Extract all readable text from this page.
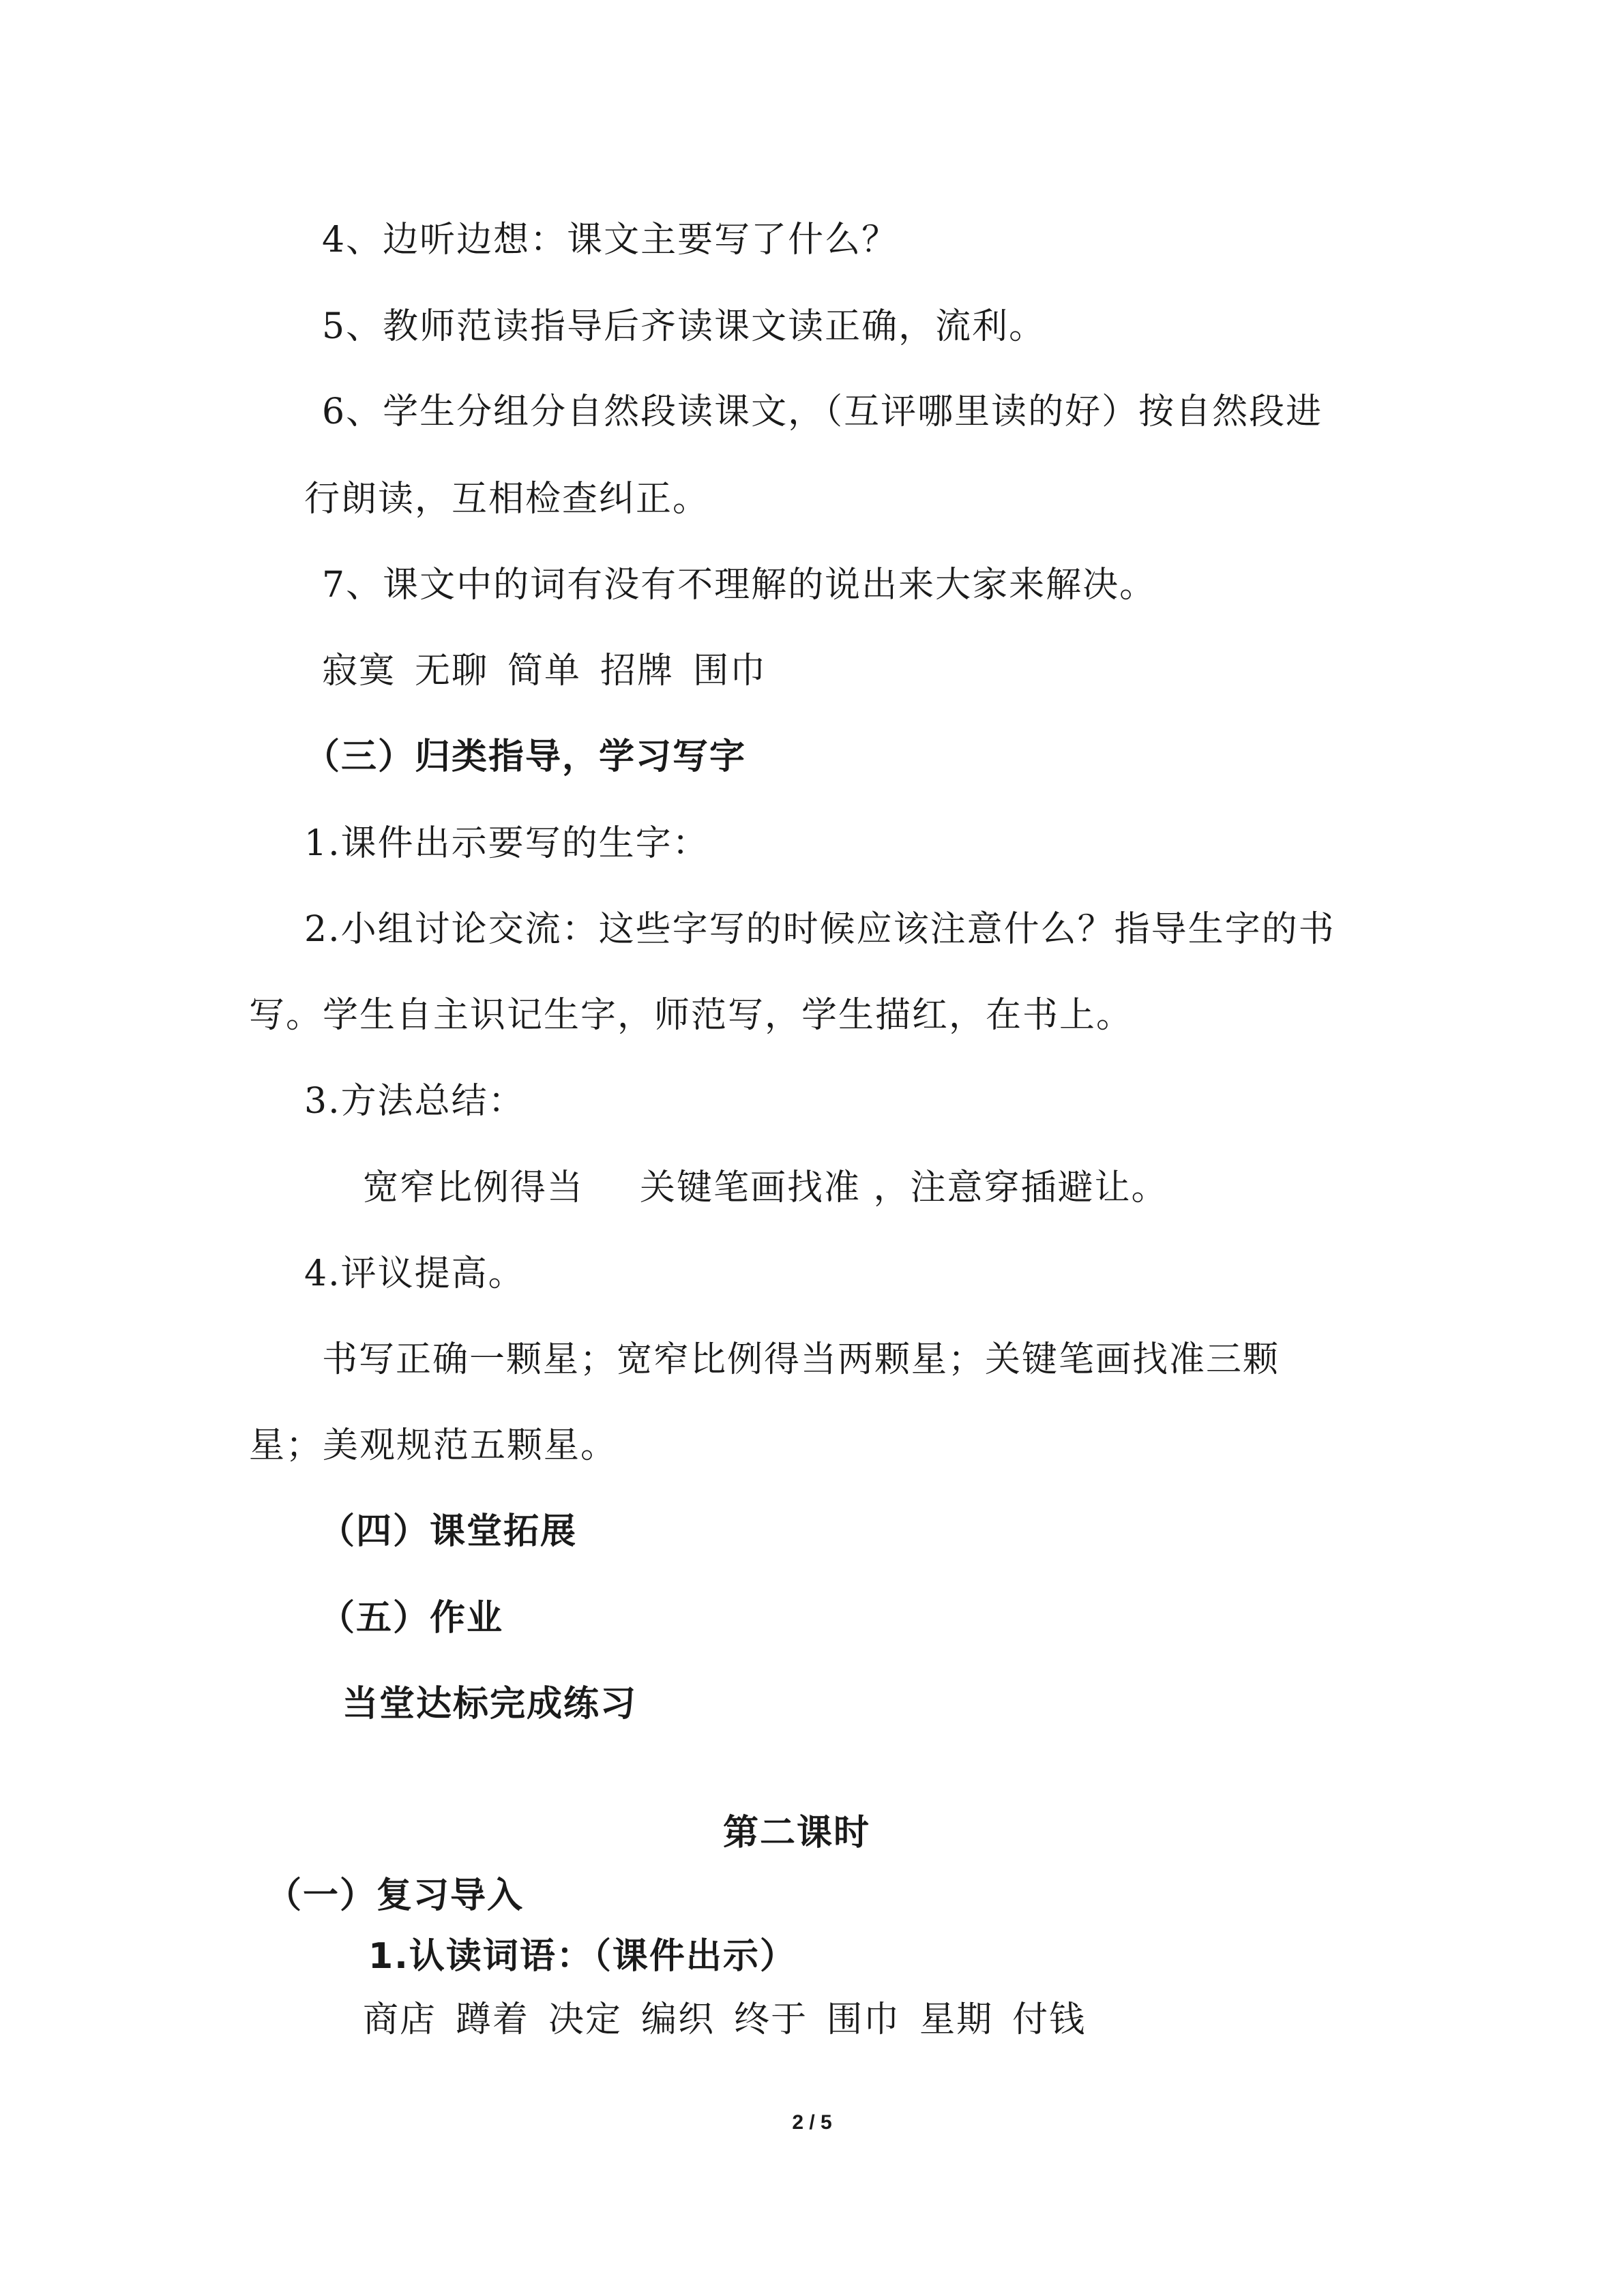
4、边听边想：课文主要写了什么？

5、教师范读指导后齐读课文读正确，流利。

6、学生分组分自然段读课文，（互评哪里读的好）按自然段进

行朗读，互相检查纠正。

7、课文中的词有没有不理解的说出来大家来解决。

寂寞 无聊 简单 招牌 围巾

（三）归类指导，学习写字

1.课件出示要写的生字：

2.小组讨论交流：这些字写的时候应该注意什么？指导生字的书

写。学生自主识记生字，师范写，学生描红，在书上。

3.方法总结：

宽窄比例得当 关键笔画找准 ，注意穿插避让。

4.评议提高。

书写正确一颗星；宽窄比例得当两颗星；关键笔画找准三颗

星；美观规范五颗星。

（四）课堂拓展

（五）作业

当堂达标完成练习

第二课时

（一）复习导入

1.认读词语：（课件出示）

商店 蹲着 决定 编织 终于 围巾 星期 付钱

2 / 5
